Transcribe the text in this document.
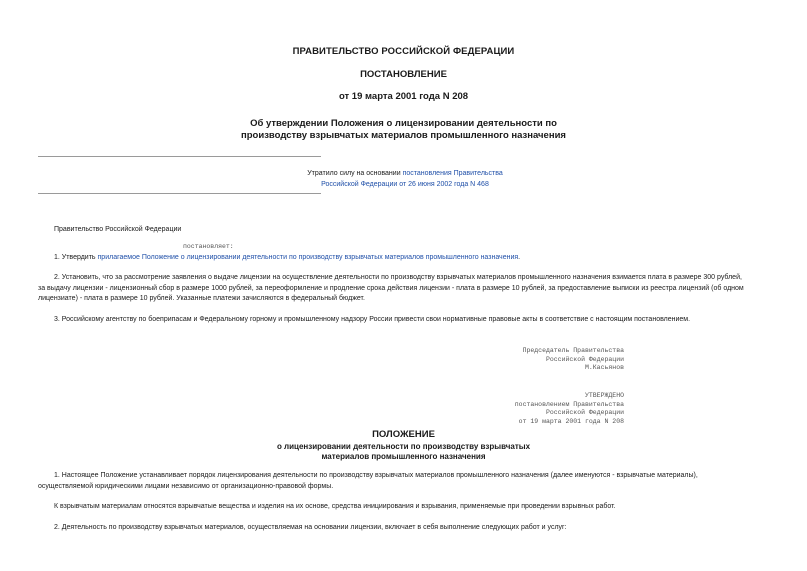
ПРАВИТЕЛЬСТВО РОССИЙСКОЙ ФЕДЕРАЦИИ
ПОСТАНОВЛЕНИЕ
от 19 марта 2001 года N 208
Об утверждении Положения о лицензировании деятельности по
производству взрывчатых материалов промышленного назначения
Утратило силу на основании постановления Правительства
Российской Федерации от 26 июня 2002 года N 468
Правительство Российской Федерации
постановляет:
1. Утвердить прилагаемое Положение о лицензировании деятельности по производству взрывчатых материалов промышленного назначения.
2. Установить, что за рассмотрение заявления о выдаче лицензии на осуществление деятельности по производству взрывчатых материалов промышленного назначения взимается плата в размере 300 рублей,
за выдачу лицензии - лицензионный сбор в размере 1000 рублей, за переоформление и продление срока действия лицензии - плата в размере 10 рублей, за предоставление выписки из реестра лицензий (об одном
лицензиате) - плата в размере 10 рублей. Указанные платежи зачисляются в федеральный бюджет.
3. Российскому агентству по боеприпасам и Федеральному горному и промышленному надзору России привести свои нормативные правовые акты в соответствие с настоящим постановлением.
Председатель Правительства
Российской Федерации
М.Касьянов
УТВЕРЖДЕНО
постановлением Правительства
Российской Федерации
от 19 марта 2001 года N 208
ПОЛОЖЕНИЕ
о лицензировании деятельности по производству взрывчатых
материалов промышленного назначения
1. Настоящее Положение устанавливает порядок лицензирования деятельности по производству взрывчатых материалов промышленного назначения (далее именуются - взрывчатые материалы),
осуществляемой юридическими лицами независимо от организационно-правовой формы.
К взрывчатым материалам относятся взрывчатые вещества и изделия на их основе, средства инициирования и взрывания, применяемые при проведении взрывных работ.
2. Деятельность по производству взрывчатых материалов, осуществляемая на основании лицензии, включает в себя выполнение следующих работ и услуг:
